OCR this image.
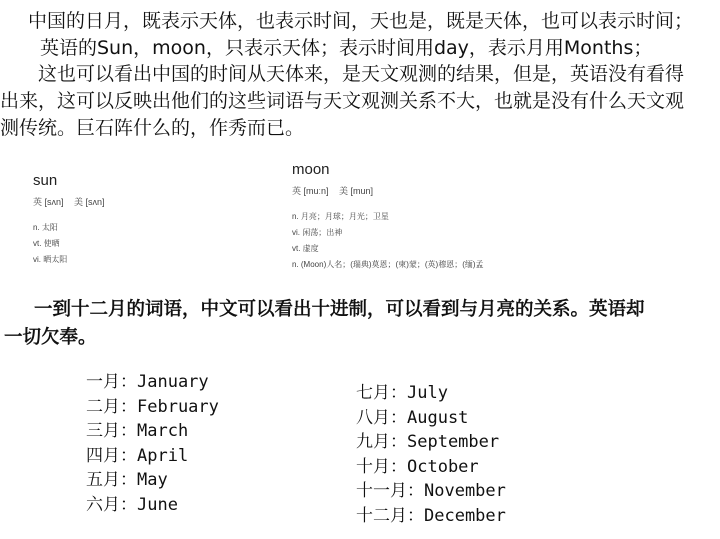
中国的日月，既表示天体，也表示时间，天也是，既是天体，也可以表示时间；
英语的Sun，moon，只表示天体；表示时间用day，表示月用Months；
这也可以看出中国的时间从天体来，是天文观测的结果，但是，英语没有看得
出来，这可以反映出他们的这些词语与天文观测关系不大，也就是没有什么天文观
测传统。巨石阵什么的，作秀而已。
sun
英 [sʌn] 美 [sʌn]
n. 太阳
vt. 使晒
vi. 晒太阳
moon
英 [muːn] 美 [mun]
n. 月亮；月球；月光；卫星
vi. 闲荡；出神
vt. 虚度
n. (Moon)人名；(瑞典)莫恩；(柬)蒙；(英)穆恩；(缅)孟
一到十二月的词语，中文可以看出十进制，可以看到与月亮的关系。英语却
一切欠奉。
一月：January
二月：February
三月：March
四月：April
五月：May
六月：June
七月：July
八月：August
九月：September
十月：October
十一月：November
十二月：December
